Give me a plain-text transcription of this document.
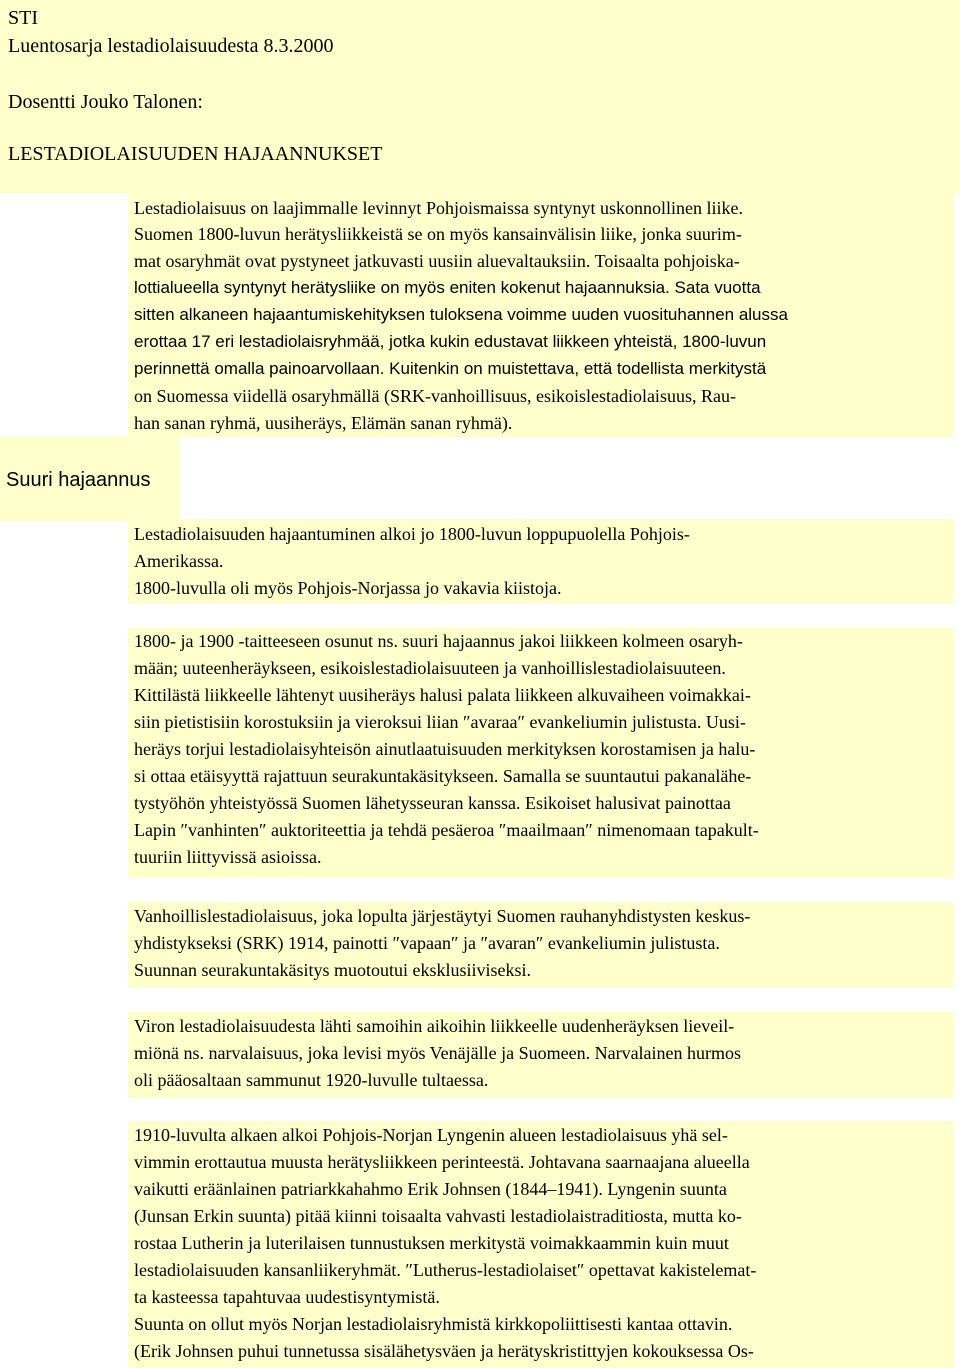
STI
Luentosarja lestadiolaisuudesta 8.3.2000
Dosentti Jouko Talonen:
LESTADIOLAISUUDEN HAJAANNUKSET
Suuri hajaannus
Lestadiolaisuus on laajimmalle levinnyt Pohjoismaissa syntynyt uskonnollinen liike.
Suomen 1800-luvun herätysliikkeistä se on myös kansainvälisin liike, jonka suurim-
mat osaryhmät ovat pystyneet jatkuvasti uusiin aluevaltauksiin. Toisaalta pohjoiska-
lottialueella syntynyt herätysliike on myös eniten kokenut hajaannuksia. Sata vuotta
sitten alkaneen hajaantumiskehityksen tuloksena voimme uuden vuosituhannen alussa
erottaa 17 eri lestadiolaisryhmää, jotka kukin edustavat liikkeen yhteistä, 1800-luvun
perinnettä omalla painoarvollaan. Kuitenkin on muistettava, että todellista merkitystä
on Suomessa viidellä osaryhmällä (SRK-vanhoillisuus, esikoislestadiolaisuus, Rau-
han sanan ryhmä, uusiheräys, Elämän sanan ryhmä).
Lestadiolaisuuden hajaantuminen alkoi jo 1800-luvun loppupuolella Pohjois-
Amerikassa.
1800-luvulla oli myös Pohjois-Norjassa jo vakavia kiistoja.
1800- ja 1900 -taitteeseen osunut ns. suuri hajaannus jakoi liikkeen kolmeen osaryh-
mään; uuteenheräykseen, esikoislestadiolaisuuteen ja vanhoillislestadiolaisuuteen.
Kittilästä liikkeelle lähtenyt uusiheräys halusi palata liikkeen alkuvaiheen voimakkai-
siin pietistisiin korostuksiin ja vieroksui liian ″avaraa″ evankeliumin julistusta. Uusi-
heräys torjui lestadiolaisyhteisön ainutlaatuisuuden merkityksen korostamisen ja halu-
si ottaa etäisyyttä rajattuun seurakuntakäsitykseen. Samalla se suuntautui pakanalähe-
tystyöhön yhteistyössä Suomen lähetysseuran kanssa. Esikoiset halusivat painottaa
Lapin ″vanhinten″ auktoriteettia ja tehdä pesäeroa ″maailmaan″ nimenomaan tapakult-
tuuriin liittyvissä asioissa.
Vanhoillislestadiolaisuus, joka lopulta järjestäytyi Suomen rauhanyhdistysten keskus-
yhdistykseksi (SRK) 1914, painotti ″vapaan″ ja ″avaran″ evankeliumin julistusta.
Suunnan seurakuntakäsitys muotoutui eksklusiiviseksi.
Viron lestadiolaisuudesta lähti samoihin aikoihin liikkeelle uudenheräyksen lieveil-
miönä ns. narvalaisuus, joka levisi myös Venäjälle ja Suomeen. Narvalainen hurmos
oli pääosaltaan sammunut 1920-luvulle tultaessa.
1910-luvulta alkaen alkoi Pohjois-Norjan Lyngenin alueen lestadiolaisuus yhä sel-
vimmin erottautua muusta herätysliikkeen perinteestä. Johtavana saarnaajana alueella
vaikutti eräänlainen patriarkkahahmo Erik Johnsen (1844–1941). Lyngenin suunta
(Junsan Erkin suunta) pitää kiinni toisaalta vahvasti lestadiolaistraditiosta, mutta ko-
rostaa Lutherin ja luterilaisen tunnustuksen merkitystä voimakkaammin kuin muut
lestadiolaisuuden kansanliikeryhmät. ″Lutherus-lestadiolaiset″ opettavat kakistelemat-
ta kasteessa tapahtuvaa uudestisyntymistä.
Suunta on ollut myös Norjan lestadiolaisryhmistä kirkkopoliittisesti kantaa ottavin.
(Erik Johnsen puhui tunnetussa sisälähetysväen ja herätyskristittyjen kokouksessa Os-
